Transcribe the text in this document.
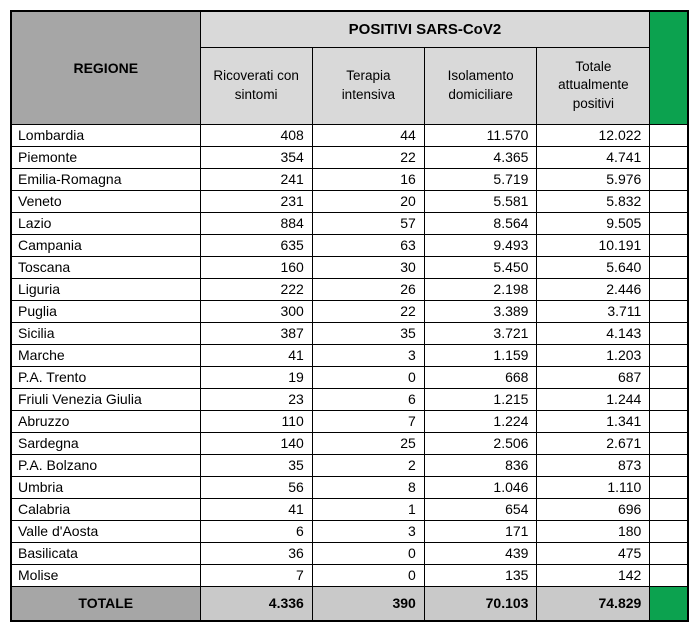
REGIONE	POSITIVI SARS-CoV2				
	Ricoverati con sintomi	Terapia intensiva	Isolamento domiciliare	Totale attualmente positivi	
Lombardia	408	44	11.570	12.022	
Piemonte	354	22	4.365	4.741	
Emilia-Romagna	241	16	5.719	5.976	
Veneto	231	20	5.581	5.832	
Lazio	884	57	8.564	9.505	
Campania	635	63	9.493	10.191	
Toscana	160	30	5.450	5.640	
Liguria	222	26	2.198	2.446	
Puglia	300	22	3.389	3.711	
Sicilia	387	35	3.721	4.143	
Marche	41	3	1.159	1.203	
P.A. Trento	19	0	668	687	
Friuli Venezia Giulia	23	6	1.215	1.244	
Abruzzo	110	7	1.224	1.341	
Sardegna	140	25	2.506	2.671	
P.A. Bolzano	35	2	836	873	
Umbria	56	8	1.046	1.110	
Calabria	41	1	654	696	
Valle d'Aosta	6	3	171	180	
Basilicata	36	0	439	475	
Molise	7	0	135	142	
TOTALE	4.336	390	70.103	74.829	
